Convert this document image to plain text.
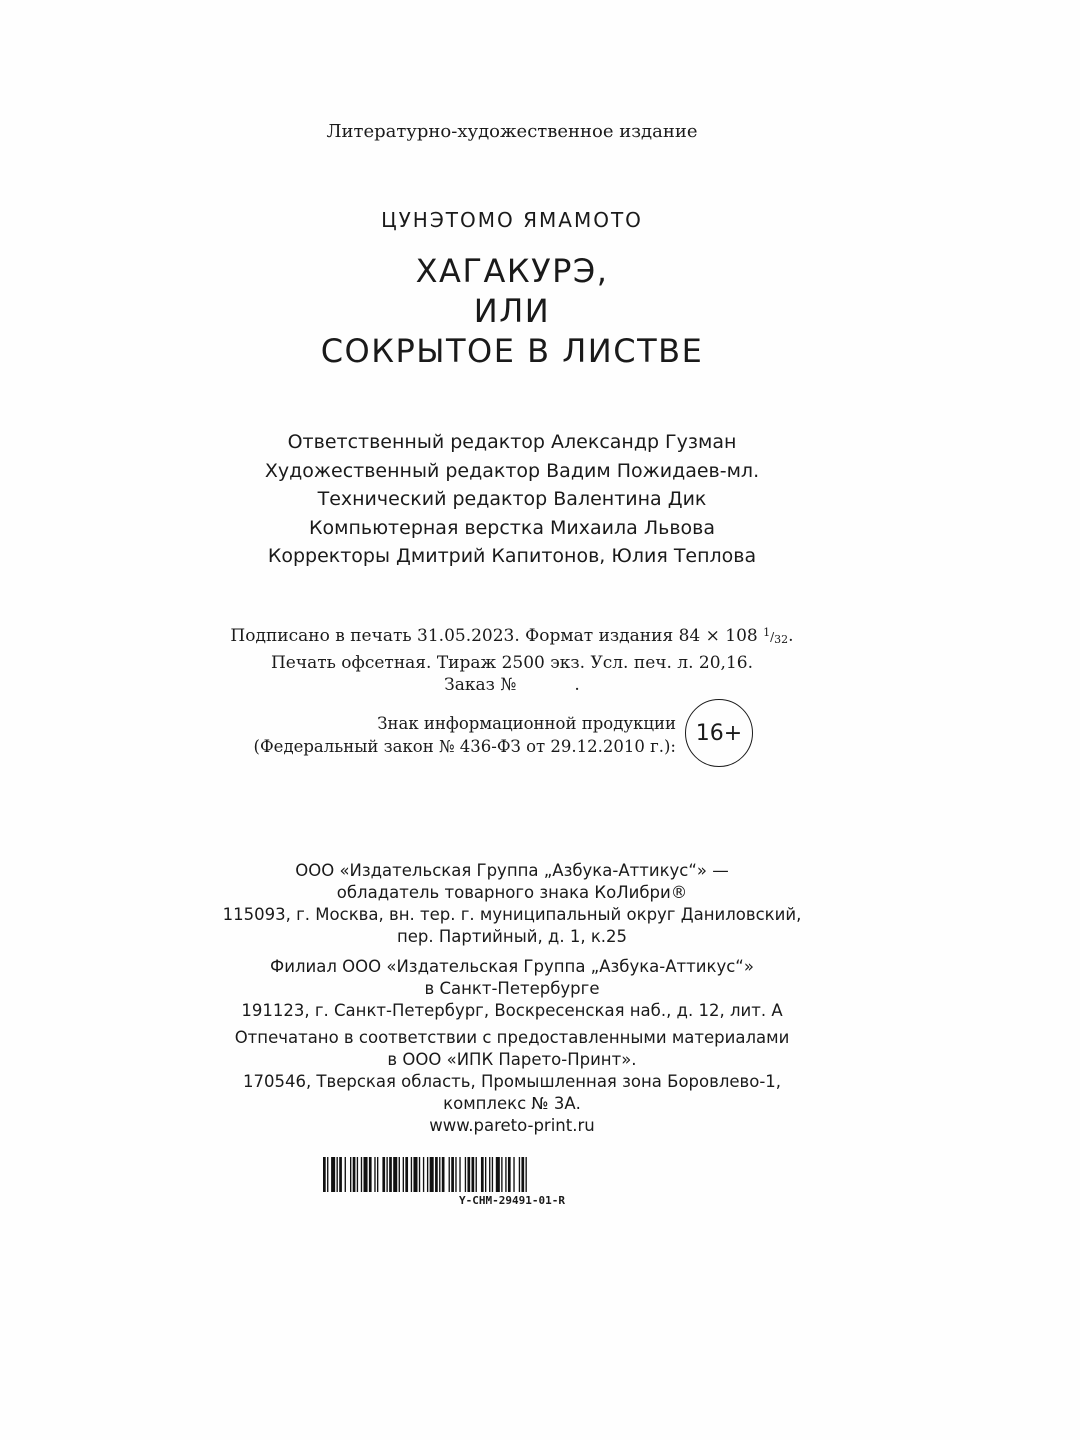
Литературно-художественное издание
ЦУНЭТОМО ЯМАМОТО
ХАГАКУРЭ,
ИЛИ
СОКРЫТОЕ В ЛИСТВЕ
Ответственный редактор Александр Гузман
Художественный редактор Вадим Пожидаев-мл.
Технический редактор Валентина Дик
Компьютерная верстка Михаила Львова
Корректоры Дмитрий Капитонов, Юлия Теплова
Подписано в печать 31.05.2023. Формат издания 84 × 108 $^1/_{32}$.
Печать офсетная. Тираж 2500 экз. Усл. печ. л. 20,16.
Заказ №	.
Знак информационной продукции
(Федеральный закон № 436-ФЗ от 29.12.2010 г.):
16+
ООО «Издательская Группа „Азбука-Аттикус“» —
обладатель товарного знака КоЛибри®
115093, г. Москва, вн. тер. г. муниципальный округ Даниловский,
пер. Партийный, д. 1, к.25
Филиал ООО «Издательская Группа „Азбука-Аттикус“»
в Санкт-Петербурге
191123, г. Санкт-Петербург, Воскресенская наб., д. 12, лит. А
Отпечатано в соответствии с предоставленными материалами
в ООО «ИПК Парето-Принт».
170546, Тверская область, Промышленная зона Боровлево-1,
комплекс № 3А.
www.pareto-print.ru
Y-CHM-29491-01-R
